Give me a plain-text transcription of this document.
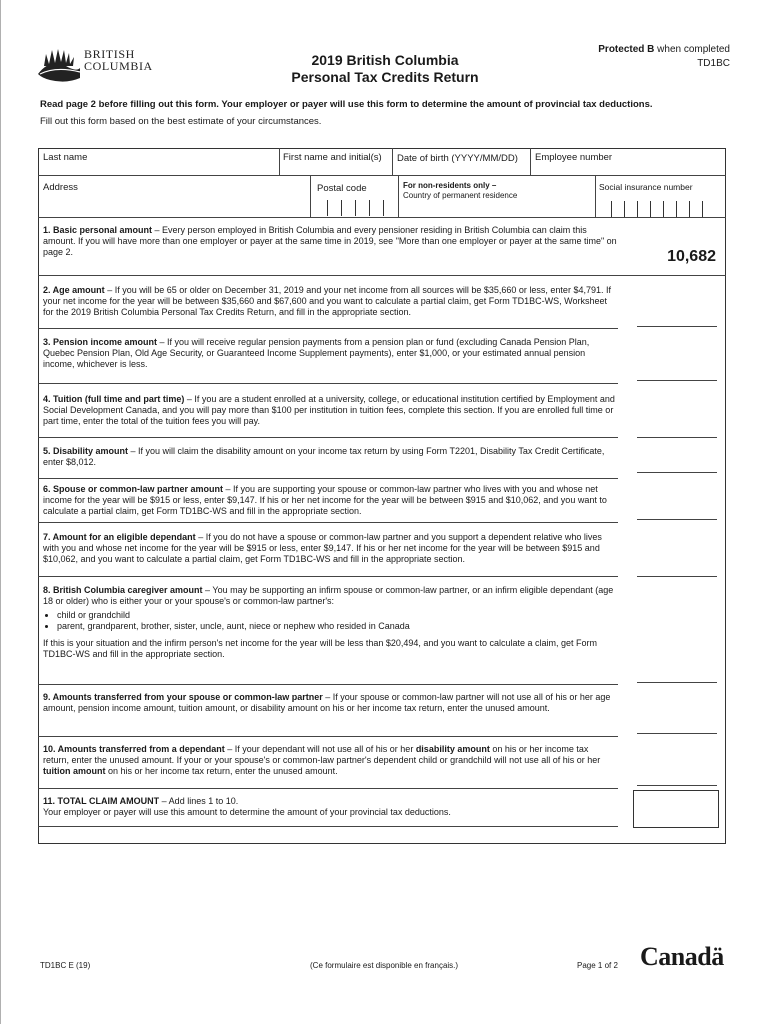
BRITISH
COLUMBIA	2019 British Columbia
Personal Tax Credits Return
Protected B when completed
TD1BC
Read page 2 before filling out this form. Your employer or payer will use this form to determine the amount of provincial tax deductions.
Fill out this form based on the best estimate of your circumstances.
Last name	First name and initial(s) Date of birth (YYYY/MM/DD) Employee number
Address	Postal code	For non-residents only –
Country of permanent residence
Social insurance number
1. Basic personal amount – Every person employed in British Columbia and every pensioner residing in British Columbia can claim this amount. If you will have more than one employer or payer at the same time in 2019, see "More than one employer or payer at the same time" on page 2.	10,682
2. Age amount – If you will be 65 or older on December 31, 2019 and your net income from all sources will be $35,660 or less, enter $4,791. If your net income for the year will be between $35,660 and $67,600 and you want to calculate a partial claim, get Form TD1BC-WS, Worksheet for the 2019 British Columbia Personal Tax Credits Return, and fill in the appropriate section.
3. Pension income amount – If you will receive regular pension payments from a pension plan or fund (excluding Canada Pension Plan, Quebec Pension Plan, Old Age Security, or Guaranteed Income Supplement payments), enter $1,000, or your estimated annual pension income, whichever is less.
4. Tuition (full time and part time) – If you are a student enrolled at a university, college, or educational institution certified by Employment and Social Development Canada, and you will pay more than $100 per institution in tuition fees, complete this section. If you are enrolled full time or part time, enter the total of the tuition fees you will pay.
5. Disability amount – If you will claim the disability amount on your income tax return by using Form T2201, Disability Tax Credit Certificate, enter $8,012.
6. Spouse or common-law partner amount – If you are supporting your spouse or common-law partner who lives with you and whose net income for the year will be $915 or less, enter $9,147. If his or her net income for the year will be between $915 and $10,062, and you want to calculate a partial claim, get Form TD1BC-WS and fill in the appropriate section.
7. Amount for an eligible dependant – If you do not have a spouse or common-law partner and you support a dependent relative who lives with you and whose net income for the year will be $915 or less, enter $9,147. If his or her net income for the year will be between $915 and $10,062, and you want to calculate a partial claim, get Form TD1BC-WS and fill in the appropriate section.

8. British Columbia caregiver amount – You may be supporting an infirm spouse or common-law partner, or an infirm eligible dependant (age 18 or older) who is either your or your spouse's or common-law partner's:

• child or grandchild
• parent, grandparent, brother, sister, uncle, aunt, niece or nephew who resided in Canada

If this is your situation and the infirm person's net income for the year will be less than $20,494, and you want to calculate a claim, get Form TD1BC-WS and fill in the appropriate section.

9. Amounts transferred from your spouse or common-law partner – If your spouse or common-law partner will not use all of his or her age amount, pension income amount, tuition amount, or disability amount on his or her income tax return, enter the unused amount.
10. Amounts transferred from a dependant – If your dependant will not use all of his or her disability amount on his or her income tax return, enter the unused amount. If your or your spouse's or common-law partner's dependent child or grandchild will not use all of his or her tuition amount on his or her income tax return, enter the unused amount.
11. TOTAL CLAIM AMOUNT – Add lines 1 to 10.
Your employer or payer will use this amount to determine the amount of your provincial tax deductions.
TD1BC E (19)	(Ce formulaire est disponible en français.)	Page 1 of 2 Canadä
